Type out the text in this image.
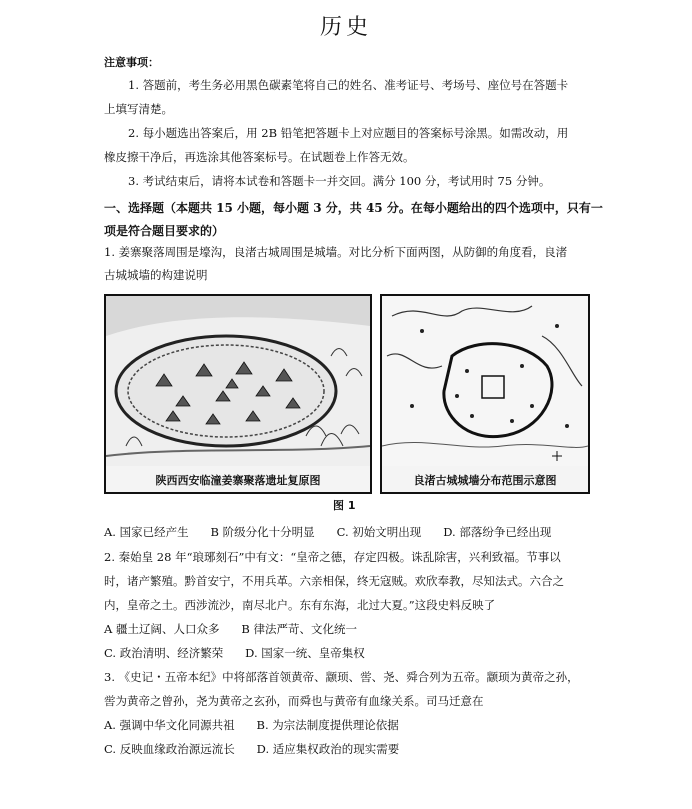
历史
注意事项：
1. 答题前，考生务必用黑色碳素笔将自己的姓名、准考证号、考场号、座位号在答题卡
上填写清楚。
2. 每小题选出答案后，用 2B 铅笔把答题卡上对应题目的答案标号涂黑。如需改动，用
橡皮擦干净后，再选涂其他答案标号。在试题卷上作答无效。
3. 考试结束后，请将本试卷和答题卡一并交回。满分 100 分，考试用时 75 分钟。
一、选择题（本题共 15 小题，每小题 3 分，共 45 分。在每小题给出的四个选项中，只有一
项是符合题目要求的）
1. 姜寨聚落周围是壕沟，良渚古城周围是城墙。对比分析下面两图，从防御的角度看，良渚
古城城墙的构建说明
陕西西安临潼姜寨聚落遗址复原图	良渚古城城墙分布范围示意图
图 1
A. 国家已经产生      B 阶级分化十分明显      C. 初始文明出现      D. 部落纷争已经出现
2. 秦始皇 28 年“琅琊刻石”中有文：“皇帝之德，存定四极。诛乱除害，兴利致福。节事以
时，诸产繁殖。黔首安宁，不用兵革。六亲相保，终无寇贼。欢欣奉教，尽知法式。六合之
内，皇帝之土。西涉流沙，南尽北户。东有东海，北过大夏。”这段史料反映了
A 疆土辽阔、人口众多      B 律法严苛、文化统一
C. 政治清明、经济繁荣      D. 国家一统、皇帝集权
3. 《史记・五帝本纪》中将部落首领黄帝、颛顼、喾、尧、舜合列为五帝。颛顼为黄帝之孙，
喾为黄帝之曾孙，尧为黄帝之玄孙，而舜也与黄帝有血缘关系。司马迁意在
A. 强调中华文化同源共祖      B. 为宗法制度提供理论依据
C. 反映血缘政治源远流长      D. 适应集权政治的现实需要
